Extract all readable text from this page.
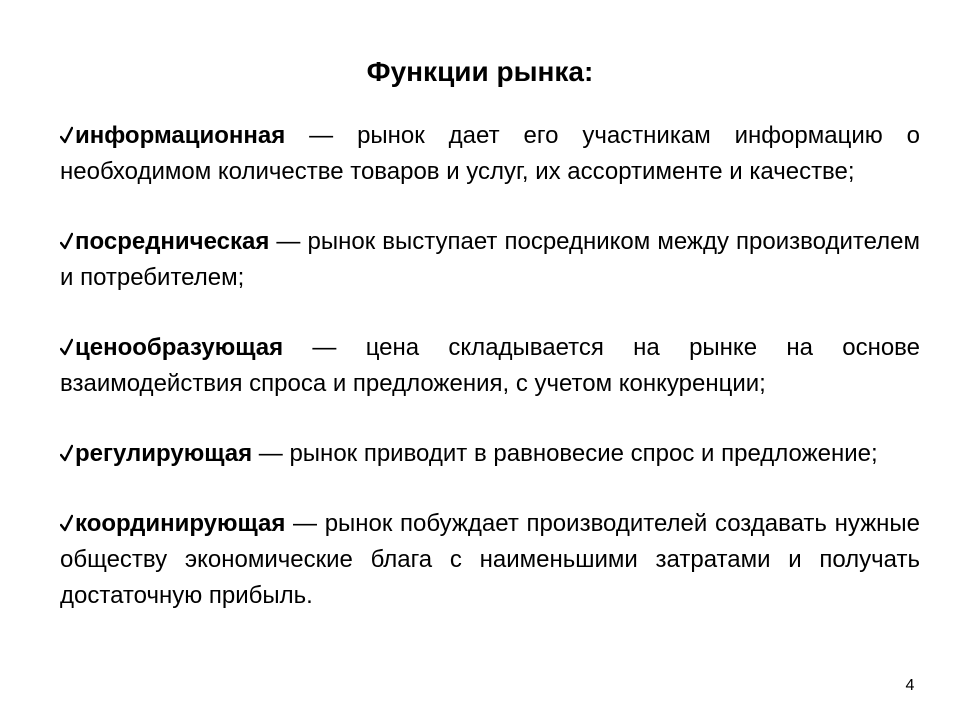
Функции рынка:
информационная — рынок дает его участникам информацию о необходимом количестве товаров и услуг, их ассортименте и качестве;
посредническая — рынок выступает посредником между производителем и потребителем;
ценообразующая — цена складывается на рынке на основе взаимодействия спроса и предложения, с учетом конкуренции;
регулирующая — рынок приводит в равновесие спрос и предложение;
координирующая — рынок побуждает производителей создавать нужные обществу экономические блага с наименьшими затратами и получать достаточную прибыль.
4
